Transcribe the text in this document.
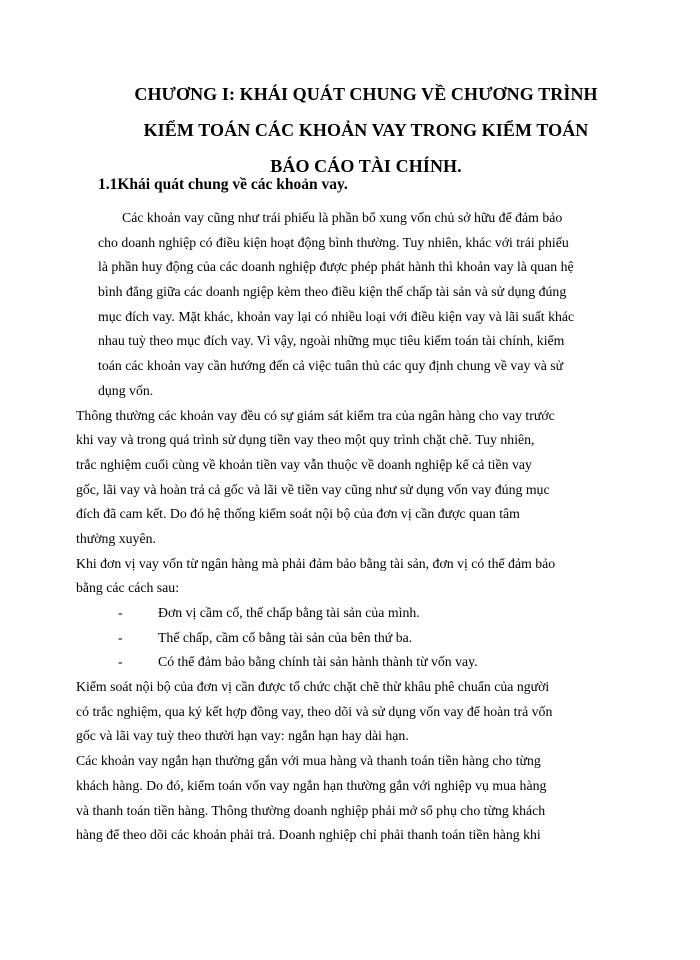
CHƯƠNG I: KHÁI QUÁT CHUNG VỀ CHƯƠNG TRÌNH
KIỂM TOÁN CÁC KHOẢN VAY TRONG KIỂM TOÁN
BÁO CÁO TÀI CHÍNH.
1.1Khái quát chung về các khoản vay.
Các khoản vay cũng như trái phiếu là phần bổ xung vốn chủ sở hữu để đảm bảo
cho doanh nghiệp có điều kiện hoạt động bình thường. Tuy nhiên, khác với trái phiếu
là phần huy động của các doanh nghiệp được phép phát hành thì khoản vay là quan hệ
bình đẳng giữa các doanh ngiệp kèm theo điều kiện thế chấp tài sản và sử dụng đúng
mục đích vay. Mặt khác, khoản vay lại có nhiều loại với điều kiện vay và lãi suất khác
nhau tuỳ theo mục đích vay. Vì vậy, ngoài những mục tiêu kiểm toán tài chính, kiểm
toán các khoản vay cần hướng đến cả việc tuân thủ các quy định chung về vay và sử
dụng vốn.
Thông thường các khoản vay đều có sự giám sát kiểm tra của ngân hàng cho vay trước
khi vay và trong quá trình sử dụng tiền vay theo một quy trình chặt chẽ. Tuy nhiên,
trắc nghiệm cuối cùng về khoản tiền vay vẫn thuộc về doanh nghiệp kể cả tiền vay
gốc, lãi vay và hoàn trả cả gốc và lãi về tiền vay cũng như sử dụng vốn vay đúng mục
đích đã cam kết. Do đó hệ thống kiểm soát nội bộ của đơn vị cần được quan tâm
thường xuyên.
Khi đơn vị vay vốn từ ngân hàng mà phải đảm bảo bằng tài sản, đơn vị có thể đảm bảo
bằng các cách sau:
-	Đơn vị cầm cố, thế chấp bằng tài sản của mình.
-	Thế chấp, cầm cố bằng tài sản của bên thứ ba.
-	Có thể đảm bảo bằng chính tài sản hành thành từ vốn vay.
Kiểm soát nội bộ của đơn vị cần được tổ chức chặt chẽ thừ khâu phê chuẩn của người
có trắc nghiệm, qua ký kết hợp đồng vay, theo dõi và sử dụng vốn vay để hoàn trả vốn
gốc và lãi vay tuỳ theo thười hạn vay: ngắn hạn hay dài hạn.
Các khoản vay ngắn hạn thường gắn với mua hàng và thanh toán tiền hàng cho từng
khách hàng. Do đó, kiểm toán vốn vay ngắn hạn thường gắn với nghiệp vụ mua hàng
và thanh toán tiền hàng. Thông thường doanh nghiệp phải mở sổ phụ cho từng khách
hàng để theo dõi các khoản phải trả. Doanh nghiệp chỉ phải thanh toán tiền hàng khi
